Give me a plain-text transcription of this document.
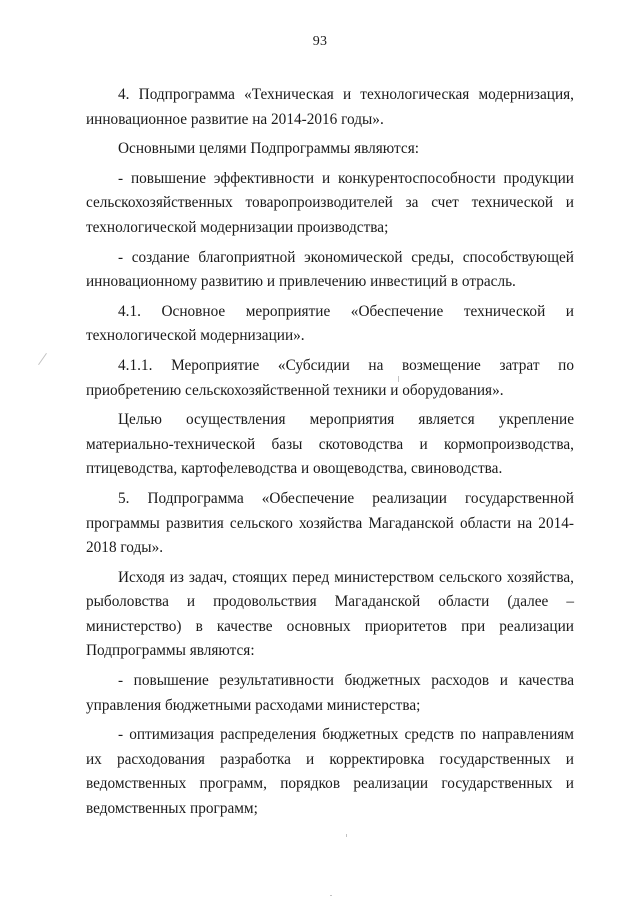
93

4. Подпрограмма «Техническая и технологическая модернизация, инновационное развитие на 2014-2016 годы».

Основными целями Подпрограммы являются:

- повышение эффективности и конкурентоспособности продукции сельскохозяйственных товаропроизводителей за счет технической и технологической модернизации производства;

- создание благоприятной экономической среды, способствующей инновационному развитию и привлечению инвестиций в отрасль.

4.1. Основное мероприятие «Обеспечение технической и технологической модернизации».

4.1.1. Мероприятие «Субсидии на возмещение затрат по приобретению сельскохозяйственной техники и оборудования».

Целью осуществления мероприятия является укрепление материально-технической базы скотоводства и кормопроизводства, птицеводства, картофелеводства и овощеводства, свиноводства.

5. Подпрограмма «Обеспечение реализации государственной программы развития сельского хозяйства Магаданской области на 2014-2018 годы».

Исходя из задач, стоящих перед министерством сельского хозяйства, рыболовства и продовольствия Магаданской области (далее – министерство) в качестве основных приоритетов при реализации Подпрограммы являются:

- повышение результативности бюджетных расходов и качества управления бюджетными расходами министерства;

- оптимизация распределения бюджетных средств по направлениям их расходования разработка и корректировка государственных и ведомственных программ, порядков реализации государственных и ведомственных программ;
